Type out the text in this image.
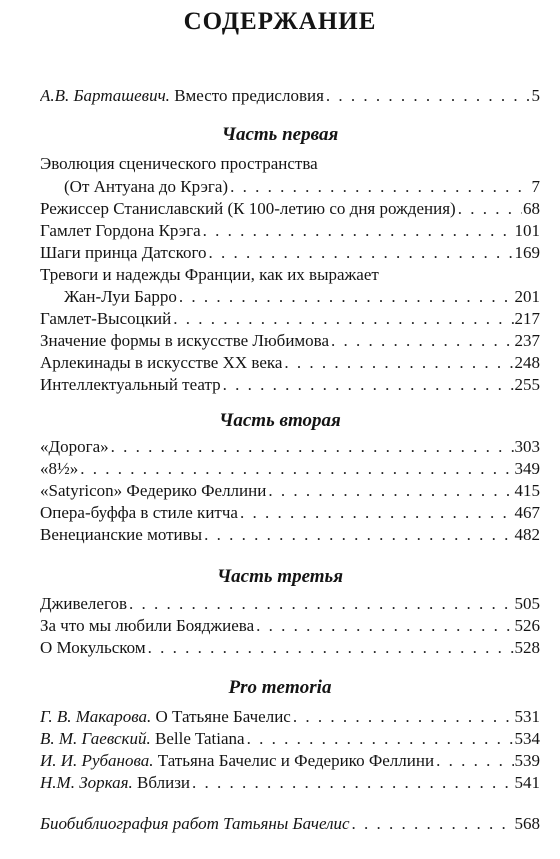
СОДЕРЖАНИЕ
А.В. Барташевич. Вместо предисловия . . .	5
Часть первая
Эволюция сценического пространства
(От Антуана до Крэга) . . .	7
Режиссер Станиславский (К 100-летию со дня рождения) . . .	68
Гамлет Гордона Крэга . . .	101
Шаги принца Датского . . .	169
Тревоги и надежды Франции, как их выражает
Жан-Луи Барро . . .	201
Гамлет-Высоцкий . . .	217
Значение формы в искусстве Любимова . . .	237
Арлекинады в искусстве XX века . . .	248
Интеллектуальный театр . . .	255
Часть вторая
«Дорога» . . .	303
«8½» . . .	349
«Satyricon» Федерико Феллини . . .	415
Опера-буффа в стиле китча . . .	467
Венецианские мотивы . . .	482
Часть третья
Дживелегов . . .	505
За что мы любили Бояджиева . . .	526
О Мокульском . . .	528
Pro memoria
Г. В. Макарова. О Татьяне Бачелис . . .	531
В. М. Гаевский. Belle Tatiana . . .	534
И. И. Рубанова. Татьяна Бачелис и Федерико Феллини . . .	539
Н.М. Зоркая. Вблизи . . .	541
Биобиблиография работ Татьяны Бачелис . . .	568
